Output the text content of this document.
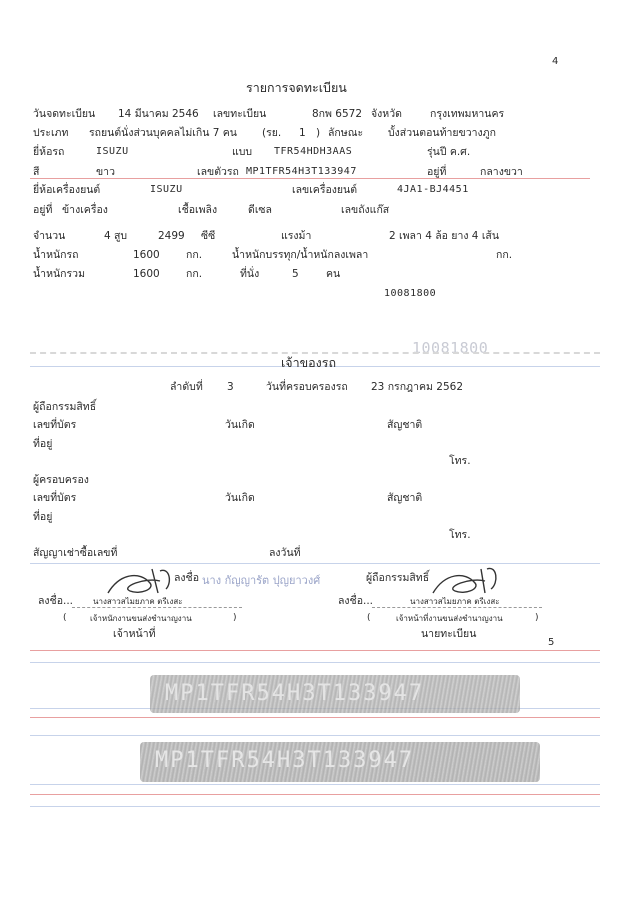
4
รายการจดทะเบียน
วันจดทะเบียน 14 มีนาคม 2546 เลขทะเบียน	8กพ 6572 จังหวัด	กรุงเทพมหานคร
ประเภท รถยนต์นั่งส่วนบุคคลไม่เกิน 7 คน (รย. 1 ) ลักษณะ บั้งส่วนตอนท้ายขวางภูก
ยี่ห้อรถ	ISUZU	แบบ TFR54HDH3AAS	รุ่นปี ค.ศ.
สี	ขาว	เลขตัวรถ MP1TFR54H3T133947	อยู่ที่	กลางขวา
ยี่ห้อเครื่องยนต์	ISUZU	เลขเครื่องยนต์	4JA1-BJ4451
อยู่ที่ ข้างเครื่อง	เชื้อเพลิง	ดีเซล	เลขถังแก๊ส
จำนวน	4 สูบ	2499 ซีซี	แรงม้า	2 เพลา 4 ล้อ ยาง 4 เส้น
น้ำหนักรถ	1600	กก.	น้ำหนักบรรทุก/น้ำหนักลงเพลา	กก.
น้ำหนักรวม	1600	กก.	ที่นั่ง	5	คน
10081800
10081800
เจ้าของรถ
ลำดับที่ 3	วันที่ครอบครองรถ 23 กรกฎาคม 2562
ผู้ถือกรรมสิทธิ์
เลขที่บัตร	วันเกิด	สัญชาติ
ที่อยู่
โทร.
ผู้ครอบครอง
เลขที่บัตร	วันเกิด	สัญชาติ
ที่อยู่
โทร.
สัญญาเช่าซื้อเลขที่	ลงวันที่
ลงชื่อ นาง กัญญารัต ปุญยาวงศ์	ผู้ถือกรรมสิทธิ์
ลงชื่อ... นางสาวสไมยภาค ตรีเงสะ
เจ้าหนักงานขนส่งชำนาญงาน
(	)
เจ้าหน้าที่
ลงชื่อ...	นางสาวสไมยภาค ตรีเงสะ
เจ้าหน้าที่งานขนส่งชำนาญงาน
(	)
นายทะเบียน
5
MP1TFR54H3T133947
MP1TFR54H3T133947
